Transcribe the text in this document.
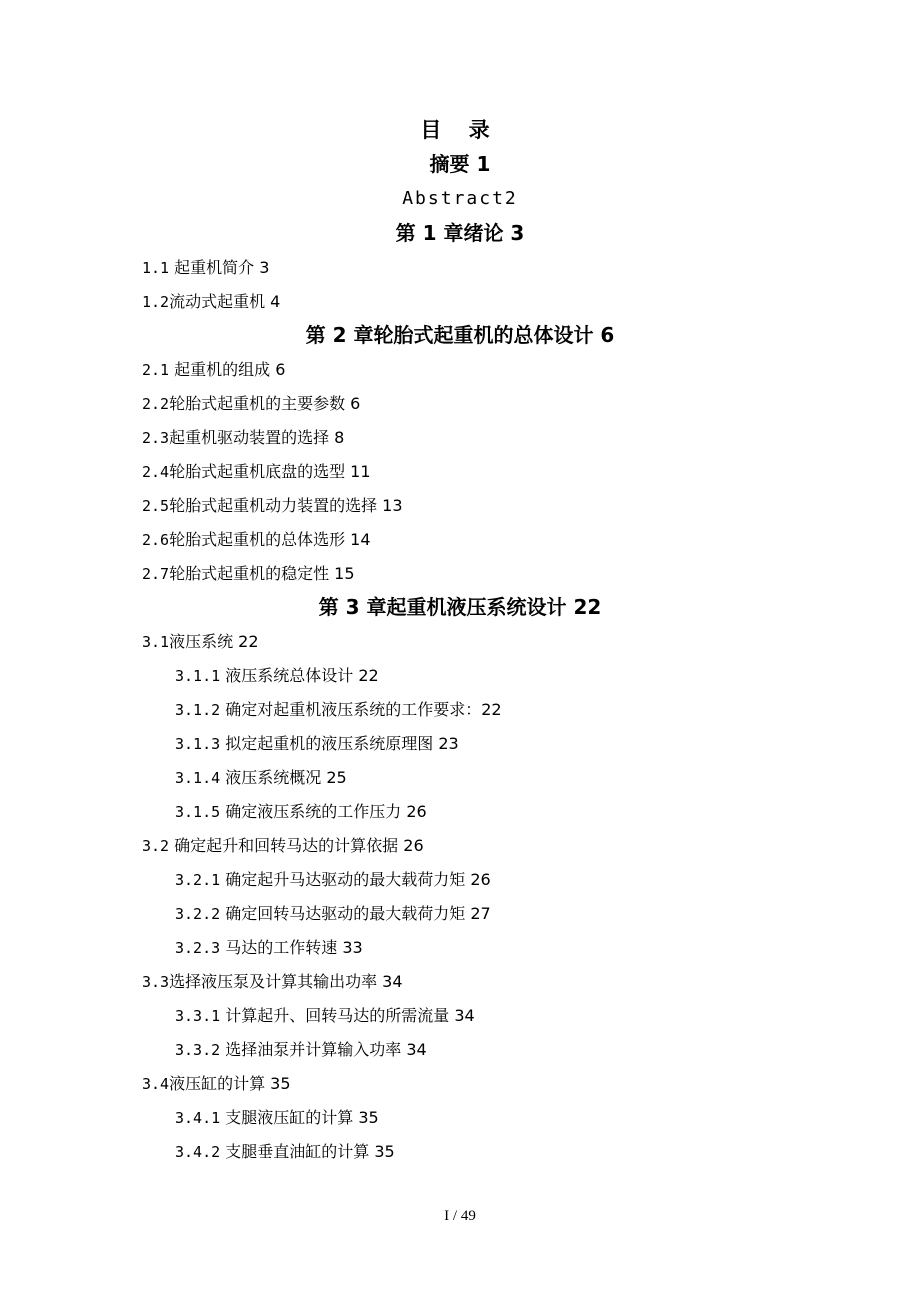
目 录
摘要 1
Abstract2
第 1 章绪论 3
1.1 起重机简介 3
1.2流动式起重机 4
第 2 章轮胎式起重机的总体设计 6
2.1 起重机的组成 6
2.2轮胎式起重机的主要参数 6
2.3起重机驱动装置的选择 8
2.4轮胎式起重机底盘的选型 11
2.5轮胎式起重机动力装置的选择 13
2.6轮胎式起重机的总体选形 14
2.7轮胎式起重机的稳定性 15
第 3 章起重机液压系统设计 22
3.1液压系统 22
3.1.1 液压系统总体设计 22
3.1.2 确定对起重机液压系统的工作要求：22
3.1.3 拟定起重机的液压系统原理图 23
3.1.4 液压系统概况 25
3.1.5 确定液压系统的工作压力 26
3.2 确定起升和回转马达的计算依据 26
3.2.1 确定起升马达驱动的最大载荷力矩 26
3.2.2 确定回转马达驱动的最大载荷力矩 27
3.2.3 马达的工作转速 33
3.3选择液压泵及计算其输出功率 34
3.3.1 计算起升、回转马达的所需流量 34
3.3.2 选择油泵并计算输入功率 34
3.4液压缸的计算 35
3.4.1 支腿液压缸的计算 35
3.4.2 支腿垂直油缸的计算 35
I / 49
